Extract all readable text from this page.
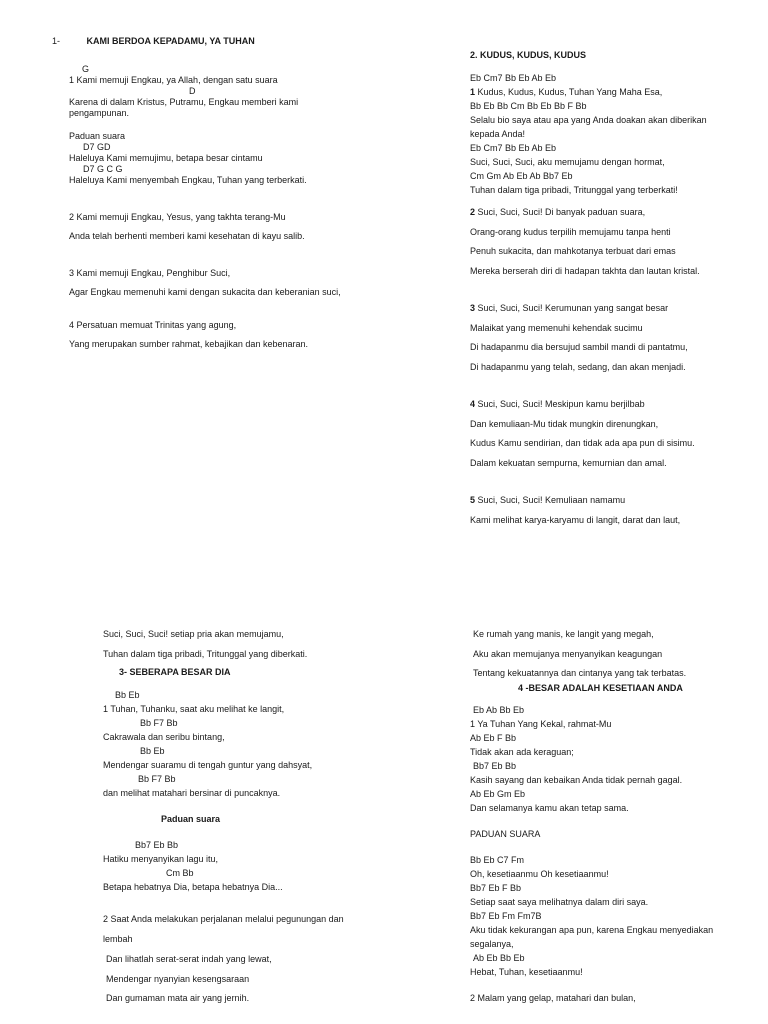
1-	KAMI BERDOA KEPADAMU, YA TUHAN
G
1 Kami memuji Engkau, ya Allah, dengan satu suara
D
Karena di dalam Kristus, Putramu, Engkau memberi kami
pengampunan.
Paduan suara
D7 GD
Haleluya Kami memujimu, betapa besar cintamu
D7 G C G
Haleluya Kami menyembah Engkau, Tuhan yang terberkati.
2 Kami memuji Engkau, Yesus, yang takhta terang-Mu
Anda telah berhenti memberi kami kesehatan di kayu salib.
3 Kami memuji Engkau, Penghibur Suci,
Agar Engkau memenuhi kami dengan sukacita dan keberanian suci,
4 Persatuan memuat Trinitas yang agung,
Yang merupakan sumber rahmat, kebajikan dan kebenaran.
2. KUDUS, KUDUS, KUDUS
Eb Cm7 Bb Eb Ab Eb
1 Kudus, Kudus, Kudus, Tuhan Yang Maha Esa,
Bb Eb Bb Cm Bb Eb Bb F Bb
Selalu bio saya atau apa yang Anda doakan akan diberikan
kepada Anda!
Eb Cm7 Bb Eb Ab Eb
Suci, Suci, Suci, aku memujamu dengan hormat,
Cm Gm Ab Eb Ab Bb7 Eb
Tuhan dalam tiga pribadi, Tritunggal yang terberkati!
2 Suci, Suci, Suci! Di banyak paduan suara,
Orang-orang kudus terpilih memujamu tanpa henti
Penuh sukacita, dan mahkotanya terbuat dari emas
Mereka berserah diri di hadapan takhta dan lautan kristal.
3 Suci, Suci, Suci! Kerumunan yang sangat besar
Malaikat yang memenuhi kehendak sucimu
Di hadapanmu dia bersujud sambil mandi di pantatmu,
Di hadapanmu yang telah, sedang, dan akan menjadi.
4 Suci, Suci, Suci! Meskipun kamu berjilbab
Dan kemuliaan-Mu tidak mungkin direnungkan,
Kudus Kamu sendirian, dan tidak ada apa pun di sisimu.
Dalam kekuatan sempurna, kemurnian dan amal.
5 Suci, Suci, Suci! Kemuliaan namamu
Kami melihat karya-karyamu di langit, darat dan laut,
Suci, Suci, Suci! setiap pria akan memujamu,
Tuhan dalam tiga pribadi, Tritunggal yang diberkati.
3- SEBERAPA BESAR DIA
Bb Eb
1 Tuhan, Tuhanku, saat aku melihat ke langit,
Bb F7 Bb
Cakrawala dan seribu bintang,
Bb Eb
Mendengar suaramu di tengah guntur yang dahsyat,
Bb F7 Bb
dan melihat matahari bersinar di puncaknya.
Paduan suara
Bb7 Eb Bb
Hatiku menyanyikan lagu itu,
Cm Bb
Betapa hebatnya Dia, betapa hebatnya Dia...
2 Saat Anda melakukan perjalanan melalui pegunungan dan
lembah
Dan lihatlah serat-serat indah yang lewat,
Mendengar nyanyian kesengsaraan
Dan gumaman mata air yang jernih.
Ke rumah yang manis, ke langit yang megah,
Aku akan memujanya menyanyikan keagungan
Tentang kekuatannya dan cintanya yang tak terbatas.
4 -BESAR ADALAH KESETIAAN ANDA
Eb Ab Bb Eb
1 Ya Tuhan Yang Kekal, rahmat-Mu
Ab Eb F Bb
Tidak akan ada keraguan;
Bb7 Eb Bb
Kasih sayang dan kebaikan Anda tidak pernah gagal.
Ab Eb Gm Eb
Dan selamanya kamu akan tetap sama.
PADUAN SUARA
Bb Eb C7 Fm
Oh, kesetiaanmu Oh kesetiaanmu!
Bb7 Eb F Bb
Setiap saat saya melihatnya dalam diri saya.
Bb7 Eb Fm Fm7B
Aku tidak kekurangan apa pun, karena Engkau menyediakan
segalanya,
Ab Eb Bb Eb
Hebat, Tuhan, kesetiaanmu!
2 Malam yang gelap, matahari dan bulan,
